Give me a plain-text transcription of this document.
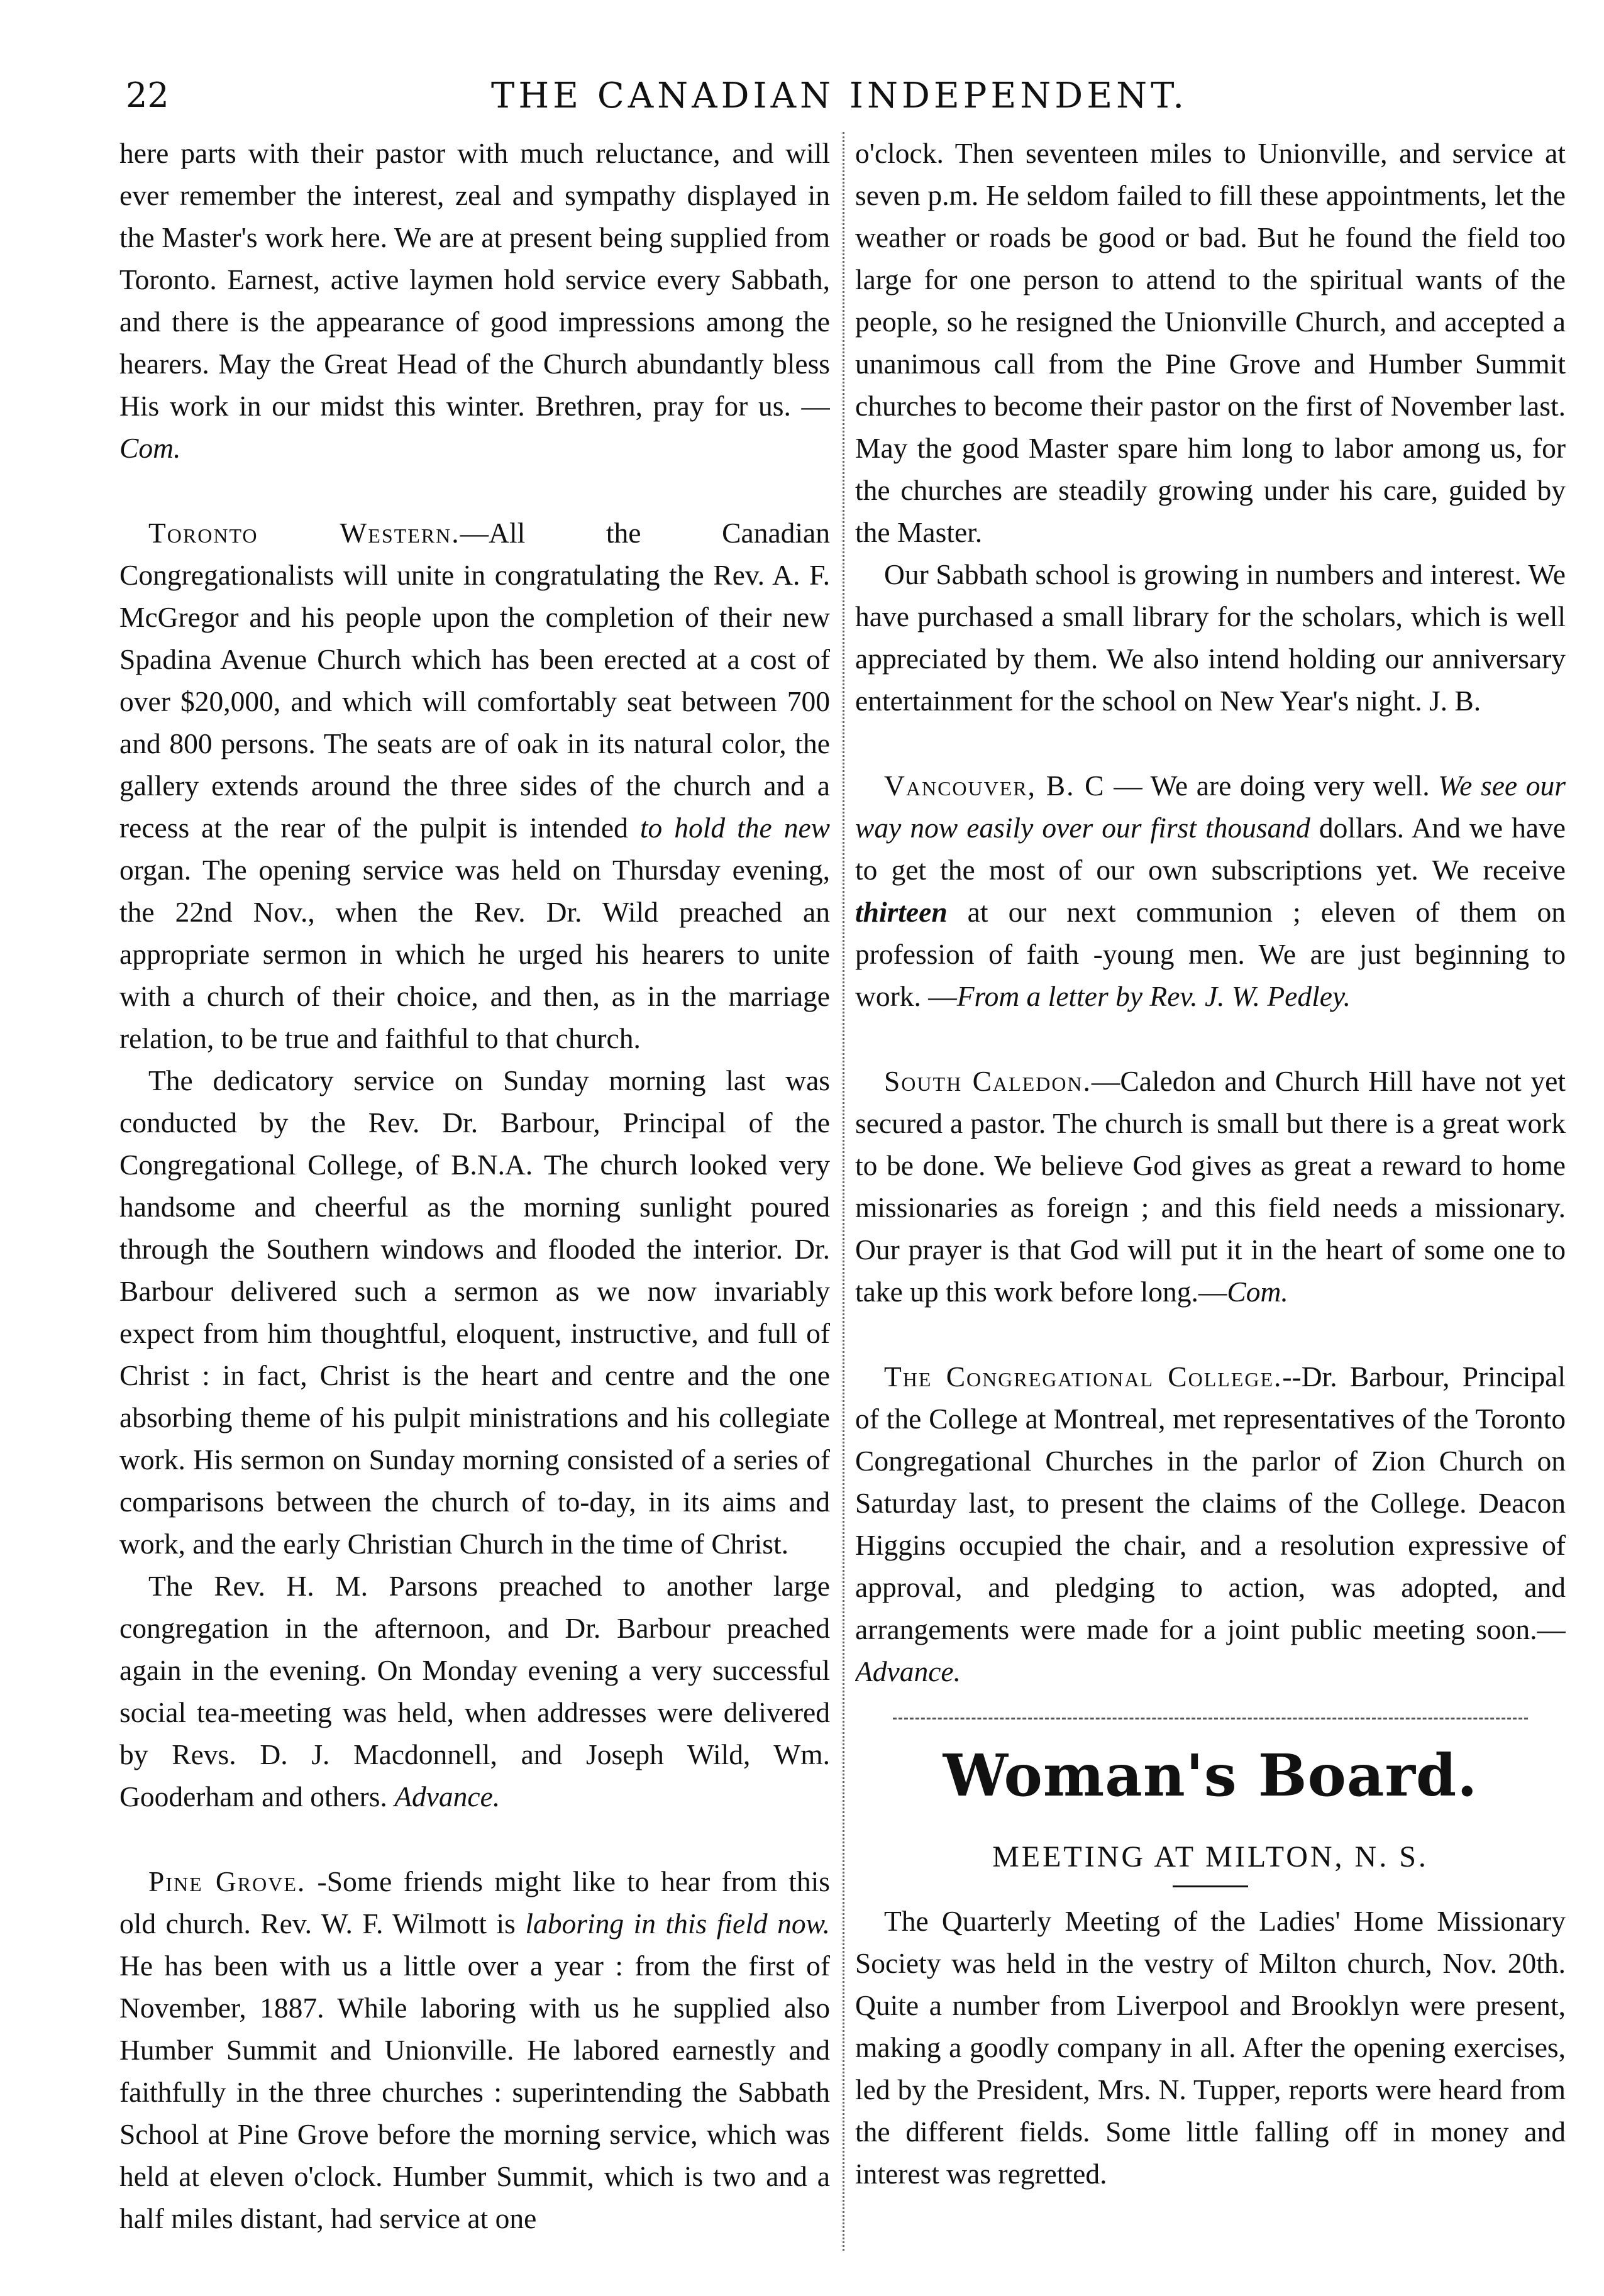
22	THE CANADIAN INDEPENDENT.

here parts with their pastor with much reluctance, and will ever remember the interest, zeal and sympathy displayed in the Master's work here. We are at present being supplied from Toronto. Earnest, active laymen hold service every Sabbath, and there is the appearance of good impressions among the hearers. May the Great Head of the Church abundantly bless His work in our midst this winter. Brethren, pray for us. —Com.

Toronto Western.—All the Canadian Congregationalists will unite in congratulating the Rev. A. F. McGregor and his people upon the completion of their new Spadina Avenue Church which has been erected at a cost of over $20,000, and which will comfortably seat between 700 and 800 persons. The seats are of oak in its natural color, the gallery extends around the three sides of the church and a recess at the rear of the pulpit is intended to hold the new organ. The opening service was held on Thursday evening, the 22nd Nov., when the Rev. Dr. Wild preached an appropriate sermon in which he urged his hearers to unite with a church of their choice, and then, as in the marriage relation, to be true and faithful to that church.

The dedicatory service on Sunday morning last was conducted by the Rev. Dr. Barbour, Principal of the Congregational College, of B.N.A. The church looked very handsome and cheerful as the morning sunlight poured through the Southern windows and flooded the interior. Dr. Barbour delivered such a sermon as we now invariably expect from him thoughtful, eloquent, instructive, and full of Christ : in fact, Christ is the heart and centre and the one absorbing theme of his pulpit ministrations and his collegiate work. His sermon on Sunday morning consisted of a series of comparisons between the church of to-day, in its aims and work, and the early Christian Church in the time of Christ.

The Rev. H. M. Parsons preached to another large congregation in the afternoon, and Dr. Barbour preached again in the evening. On Monday evening a very successful social tea-meeting was held, when addresses were delivered by Revs. D. J. Macdonnell, and Joseph Wild, Wm. Gooderham and others. Advance.

Pine Grove. -Some friends might like to hear from this old church. Rev. W. F. Wilmott is laboring in this field now. He has been with us a little over a year : from the first of November, 1887. While laboring with us he supplied also Humber Summit and Unionville. He labored earnestly and faithfully in the three churches : superintending the Sabbath School at Pine Grove before the morning service, which was held at eleven o'clock. Humber Summit, which is two and a half miles distant, had service at one

o'clock. Then seventeen miles to Unionville, and service at seven p.m. He seldom failed to fill these appointments, let the weather or roads be good or bad. But he found the field too large for one person to attend to the spiritual wants of the people, so he resigned the Unionville Church, and accepted a unanimous call from the Pine Grove and Humber Summit churches to become their pastor on the first of November last. May the good Master spare him long to labor among us, for the churches are steadily growing under his care, guided by the Master.

Our Sabbath school is growing in numbers and interest. We have purchased a small library for the scholars, which is well appreciated by them. We also intend holding our anniversary entertainment for the school on New Year's night. J. B.

Vancouver, B. C — We are doing very well. We see our way now easily over our first thousand dollars. And we have to get the most of our own subscriptions yet. We receive thirteen at our next communion ; eleven of them on profession of faith -young men. We are just beginning to work. —From a letter by Rev. J. W. Pedley.

South Caledon.—Caledon and Church Hill have not yet secured a pastor. The church is small but there is a great work to be done. We believe God gives as great a reward to home missionaries as foreign ; and this field needs a missionary. Our prayer is that God will put it in the heart of some one to take up this work before long.—Com.

The Congregational College.--Dr. Barbour, Principal of the College at Montreal, met representatives of the Toronto Congregational Churches in the parlor of Zion Church on Saturday last, to present the claims of the College. Deacon Higgins occupied the chair, and a resolution expressive of approval, and pledging to action, was adopted, and arrangements were made for a joint public meeting soon.—Advance.

Woman's Board.
MEETING AT MILTON, N. S.

The Quarterly Meeting of the Ladies' Home Missionary Society was held in the vestry of Milton church, Nov. 20th. Quite a number from Liverpool and Brooklyn were present, making a goodly company in all. After the opening exercises, led by the President, Mrs. N. Tupper, reports were heard from the different fields. Some little falling off in money and interest was regretted.
